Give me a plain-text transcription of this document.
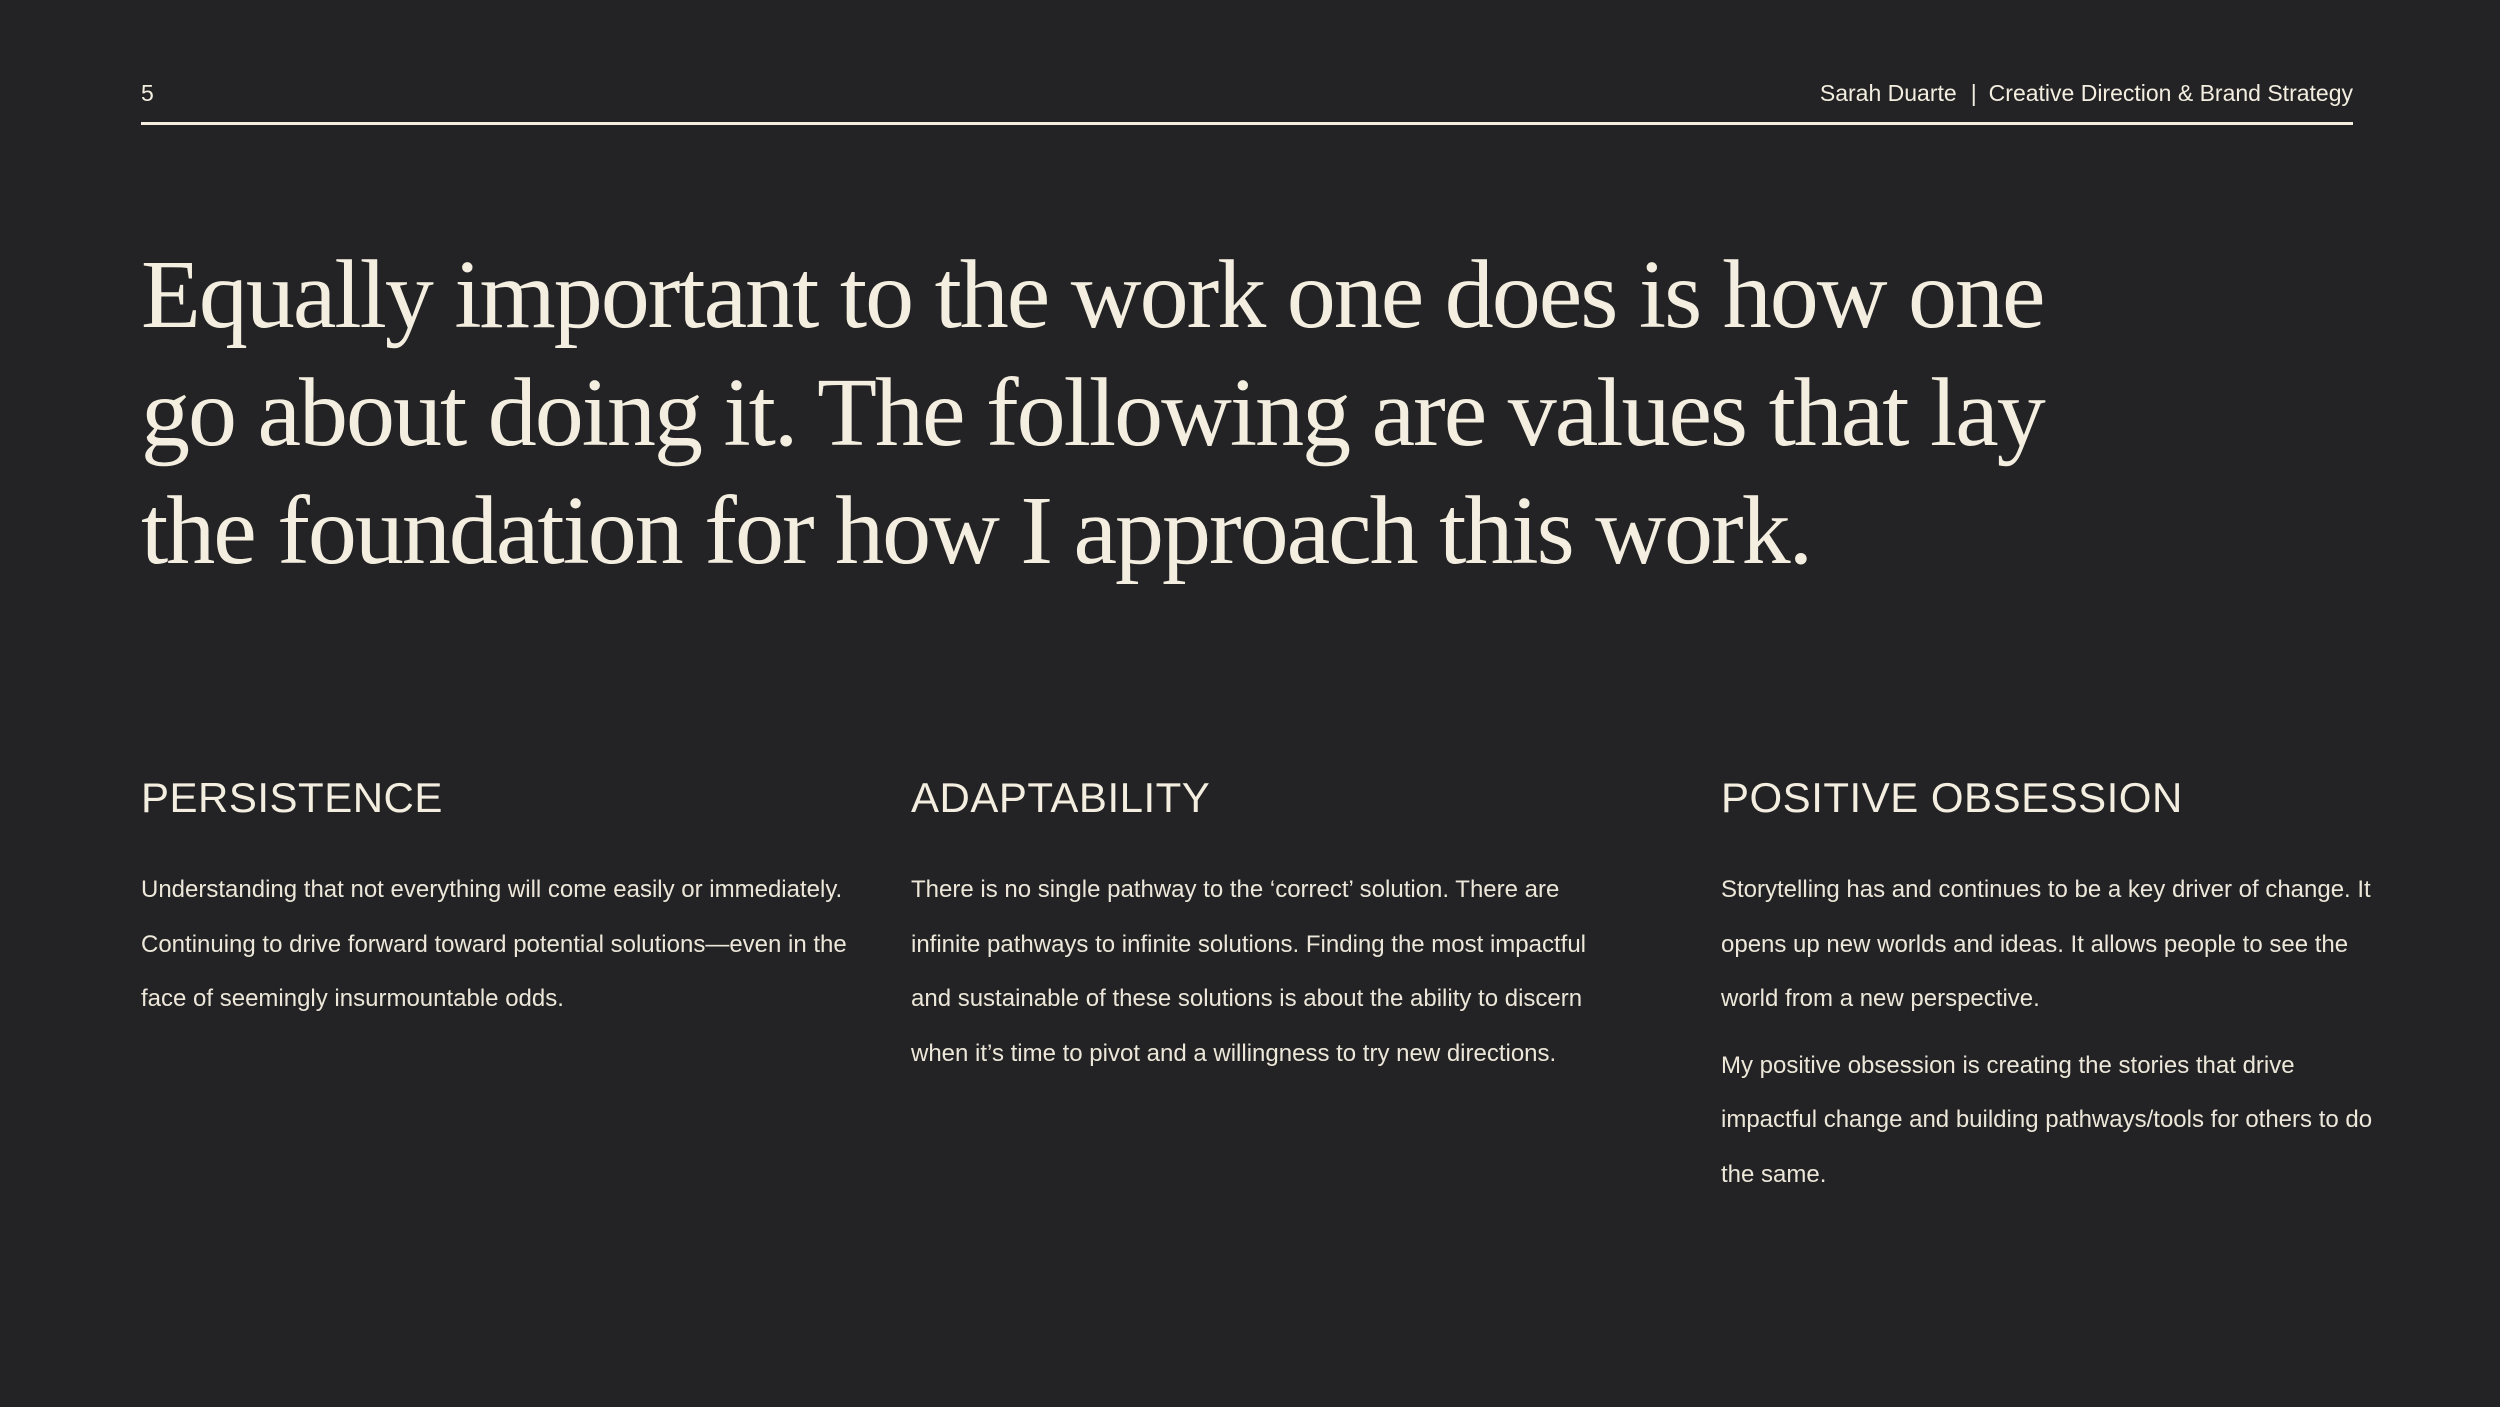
5	Sarah Duarte | Creative Direction & Brand Strategy
Equally important to the work one does is how one go about doing it. The following are values that lay the foundation for how I approach this work.
PERSISTENCE

Understanding that not everything will come easily or immediately. Continuing to drive forward toward potential solutions—even in the face of seemingly insurmountable odds.

ADAPTABILITY

There is no single pathway to the ‘correct’ solution. There are infinite pathways to infinite solutions. Finding the most impactful and sustainable of these solutions is about the ability to discern when it’s time to pivot and a willingness to try new directions.

POSITIVE OBSESSION

Storytelling has and continues to be a key driver of change. It opens up new worlds and ideas. It allows people to see the world from a new perspective.

My positive obsession is creating the stories that drive impactful change and building pathways/tools for others to do the same.
